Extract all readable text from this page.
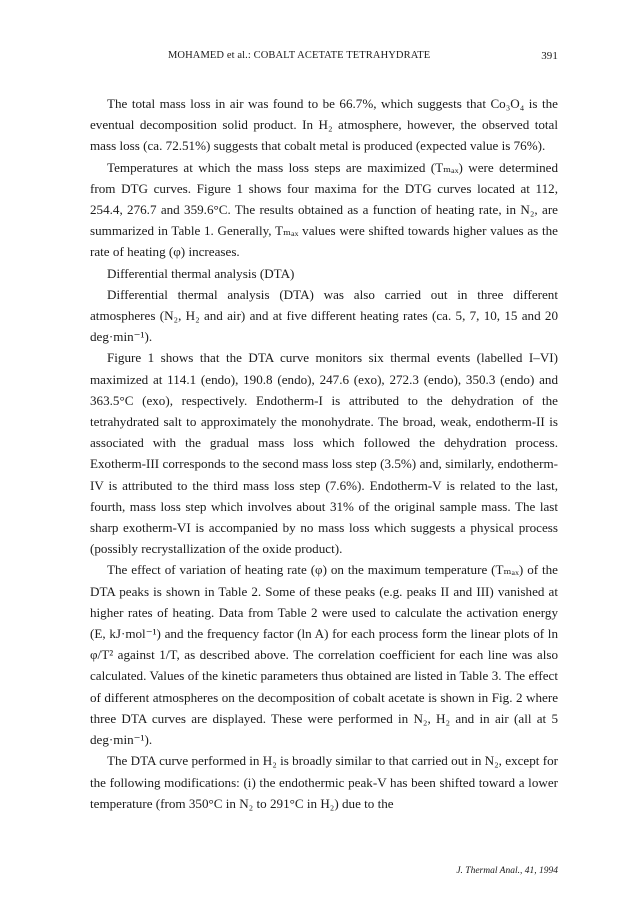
MOHAMED et al.: COBALT ACETATE TETRAHYDRATE	391

The total mass loss in air was found to be 66.7%, which suggests that Co₃O₄ is the eventual decomposition solid product. In H₂ atmosphere, however, the observed total mass loss (ca. 72.51%) suggests that cobalt metal is produced (expected value is 76%).

Temperatures at which the mass loss steps are maximized (Tₘₐₓ) were determined from DTG curves. Figure 1 shows four maxima for the DTG curves located at 112, 254.4, 276.7 and 359.6°C. The results obtained as a function of heating rate, in N₂, are summarized in Table 1. Generally, Tₘₐₓ values were shifted towards higher values as the rate of heating (φ) increases.

Differential thermal analysis (DTA)

Differential thermal analysis (DTA) was also carried out in three different atmospheres (N₂, H₂ and air) and at five different heating rates (ca. 5, 7, 10, 15 and 20 deg·min⁻¹).

Figure 1 shows that the DTA curve monitors six thermal events (labelled I–VI) maximized at 114.1 (endo), 190.8 (endo), 247.6 (exo), 272.3 (endo), 350.3 (endo) and 363.5°C (exo), respectively. Endotherm-I is attributed to the dehydration of the tetrahydrated salt to approximately the monohydrate. The broad, weak, endotherm-II is associated with the gradual mass loss which followed the dehydration process. Exotherm-III corresponds to the second mass loss step (3.5%) and, similarly, endotherm-IV is attributed to the third mass loss step (7.6%). Endotherm-V is related to the last, fourth, mass loss step which involves about 31% of the original sample mass. The last sharp exotherm-VI is accompanied by no mass loss which suggests a physical process (possibly recrystallization of the oxide product).

The effect of variation of heating rate (φ) on the maximum temperature (Tₘₐₓ) of the DTA peaks is shown in Table 2. Some of these peaks (e.g. peaks II and III) vanished at higher rates of heating. Data from Table 2 were used to calculate the activation energy (E, kJ·mol⁻¹) and the frequency factor (ln A) for each process form the linear plots of ln φ/T² against 1/T, as described above. The correlation coefficient for each line was also calculated. Values of the kinetic parameters thus obtained are listed in Table 3. The effect of different atmospheres on the decomposition of cobalt acetate is shown in Fig. 2 where three DTA curves are displayed. These were performed in N₂, H₂ and in air (all at 5 deg·min⁻¹).

The DTA curve performed in H₂ is broadly similar to that carried out in N₂, except for the following modifications: (i) the endothermic peak-V has been shifted toward a lower temperature (from 350°C in N₂ to 291°C in H₂) due to the

J. Thermal Anal., 41, 1994
